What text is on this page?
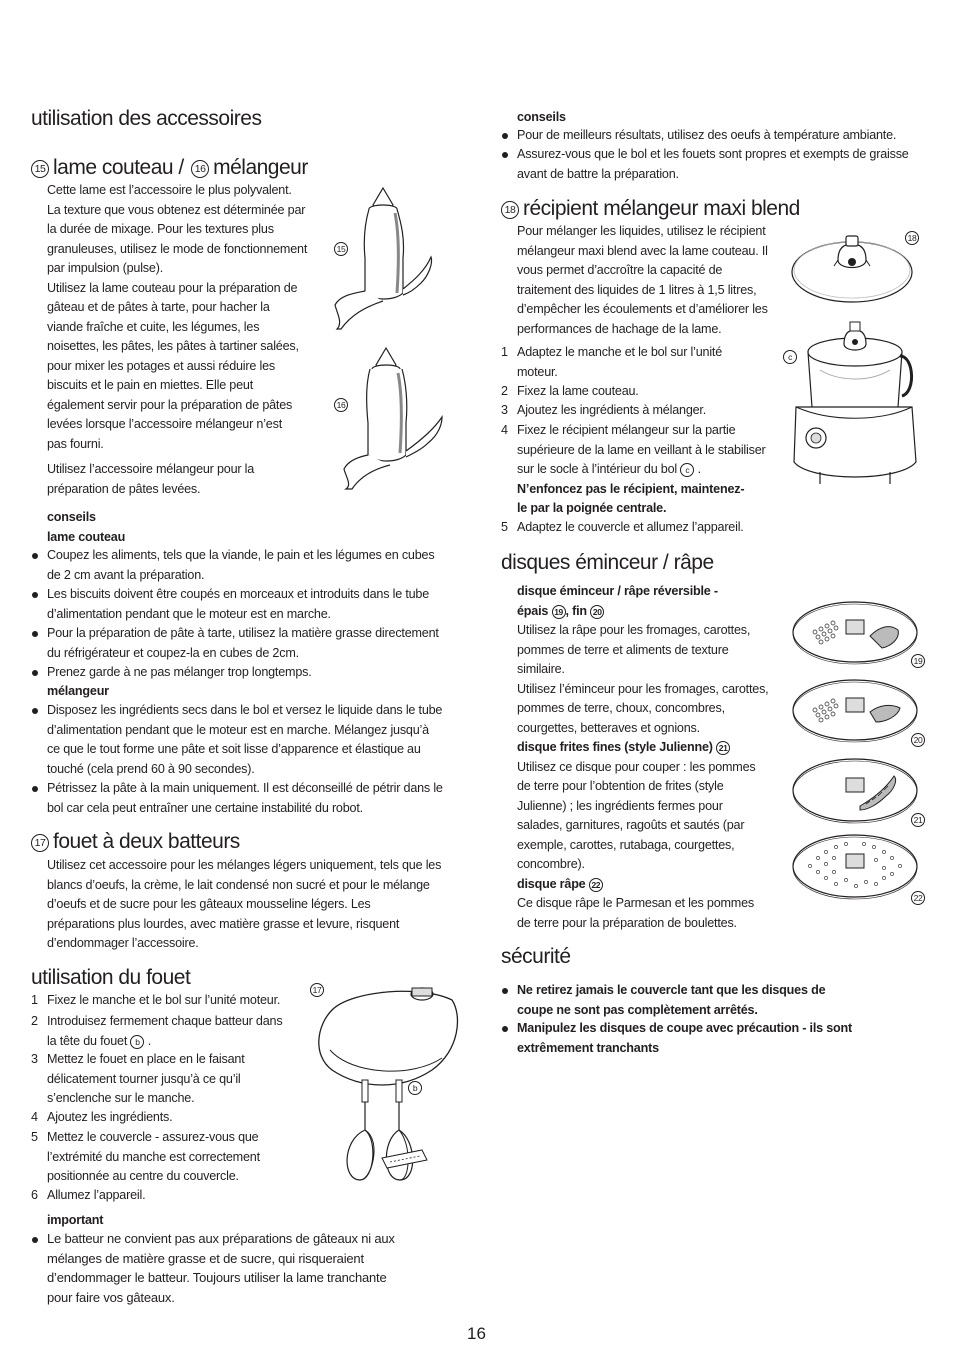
utilisation des accessoires
15 lame couteau / 16 mélangeur
Cette lame est l’accessoire le plus polyvalent.
La texture que vous obtenez est déterminée par
la durée de mixage. Pour les textures plus
granuleuses, utilisez le mode de fonctionnement
par impulsion (pulse).
Utilisez la lame couteau pour la préparation de
gâteau et de pâtes à tarte, pour hacher la
viande fraîche et cuite, les légumes, les
noisettes, les pâtes, les pâtes à tartiner salées,
pour mixer les potages et aussi réduire les
biscuits et le pain en miettes. Elle peut
également servir pour la préparation de pâtes
levées lorsque l’accessoire mélangeur n’est
pas fourni.
Utilisez l’accessoire mélangeur pour la
préparation de pâtes levées.
15
16
conseils
lame couteau
Coupez les aliments, tels que la viande, le pain et les légumes en cubes
de 2 cm avant la préparation.
Les biscuits doivent être coupés en morceaux et introduits dans le tube
d’alimentation pendant que le moteur est en marche.
Pour la préparation de pâte à tarte, utilisez la matière grasse directement
du réfrigérateur et coupez-la en cubes de 2cm.
Prenez garde à ne pas mélanger trop longtemps.
mélangeur
Disposez les ingrédients secs dans le bol et versez le liquide dans le tube
d’alimentation pendant que le moteur est en marche. Mélangez jusqu’à
ce que le tout forme une pâte et soit lisse d’apparence et élastique au
touché (cela prend 60 à 90 secondes).
Pétrissez la pâte à la main uniquement. Il est déconseillé de pétrir dans le
bol car cela peut entraîner une certaine instabilité du robot.
17 fouet à deux batteurs
Utilisez cet accessoire pour les mélanges légers uniquement, tels que les
blancs d’oeufs, la crème, le lait condensé non sucré et pour le mélange
d’oeufs et de sucre pour les gâteaux mousseline légers. Les
préparations plus lourdes, avec matière grasse et levure, risquent
d’endommager l’accessoire.
utilisation du fouet
1 Fixez le manche et le bol sur l’unité moteur.
2 Introduisez fermement chaque batteur dans
la tête du fouet b .
3 Mettez le fouet en place en le faisant
délicatement tourner jusqu’à ce qu’il
s’enclenche sur le manche.
4 Ajoutez les ingrédients.
5 Mettez le couvercle - assurez-vous que
l’extrémité du manche est correctement
positionnée au centre du couvercle.
6 Allumez l’appareil.
17
b
important
Le batteur ne convient pas aux préparations de gâteaux ni aux
mélanges de matière grasse et de sucre, qui risqueraient
d’endommager le batteur. Toujours utiliser la lame tranchante
pour faire vos gâteaux.
conseils
Pour de meilleurs résultats, utilisez des oeufs à température ambiante.
Assurez-vous que le bol et les fouets sont propres et exempts de graisse
avant de battre la préparation.
18 récipient mélangeur maxi blend
Pour mélanger les liquides, utilisez le récipient
mélangeur maxi blend avec la lame couteau. Il
vous permet d’accroître la capacité de
traitement des liquides de 1 litres à 1,5 litres,
d’empêcher les écoulements et d’améliorer les
performances de hachage de la lame.
1 Adaptez le manche et le bol sur l’unité
moteur.
2 Fixez la lame couteau.
3 Ajoutez les ingrédients à mélanger.
4 Fixez le récipient mélangeur sur la partie
supérieure de la lame en veillant à le stabiliser
sur le socle à l’intérieur du bol c .
N’enfoncez pas le récipient, maintenez-
le par la poignée centrale.
5 Adaptez le couvercle et allumez l’appareil.
18
c
disques éminceur / râpe
disque éminceur / râpe réversible -
épais 19 , fin 20
Utilisez la râpe pour les fromages, carottes,
pommes de terre et aliments de texture
similaire.
Utilisez l’éminceur pour les fromages, carottes,
pommes de terre, choux, concombres,
courgettes, betteraves et ognions.
disque frites fines (style Julienne) 21
Utilisez ce disque pour couper : les pommes
de terre pour l’obtention de frites (style
Julienne) ; les ingrédients fermes pour
salades, garnitures, ragoûts et sautés (par
exemple, carottes, rutabaga, courgettes,
concombre).
disque râpe 22
Ce disque râpe le Parmesan et les pommes
de terre pour la préparation de boulettes.
19
20
21
22
sécurité
Ne retirez jamais le couvercle tant que les disques de
coupe ne sont pas complètement arrêtés.
Manipulez les disques de coupe avec précaution - ils sont
extrêmement tranchants
16
